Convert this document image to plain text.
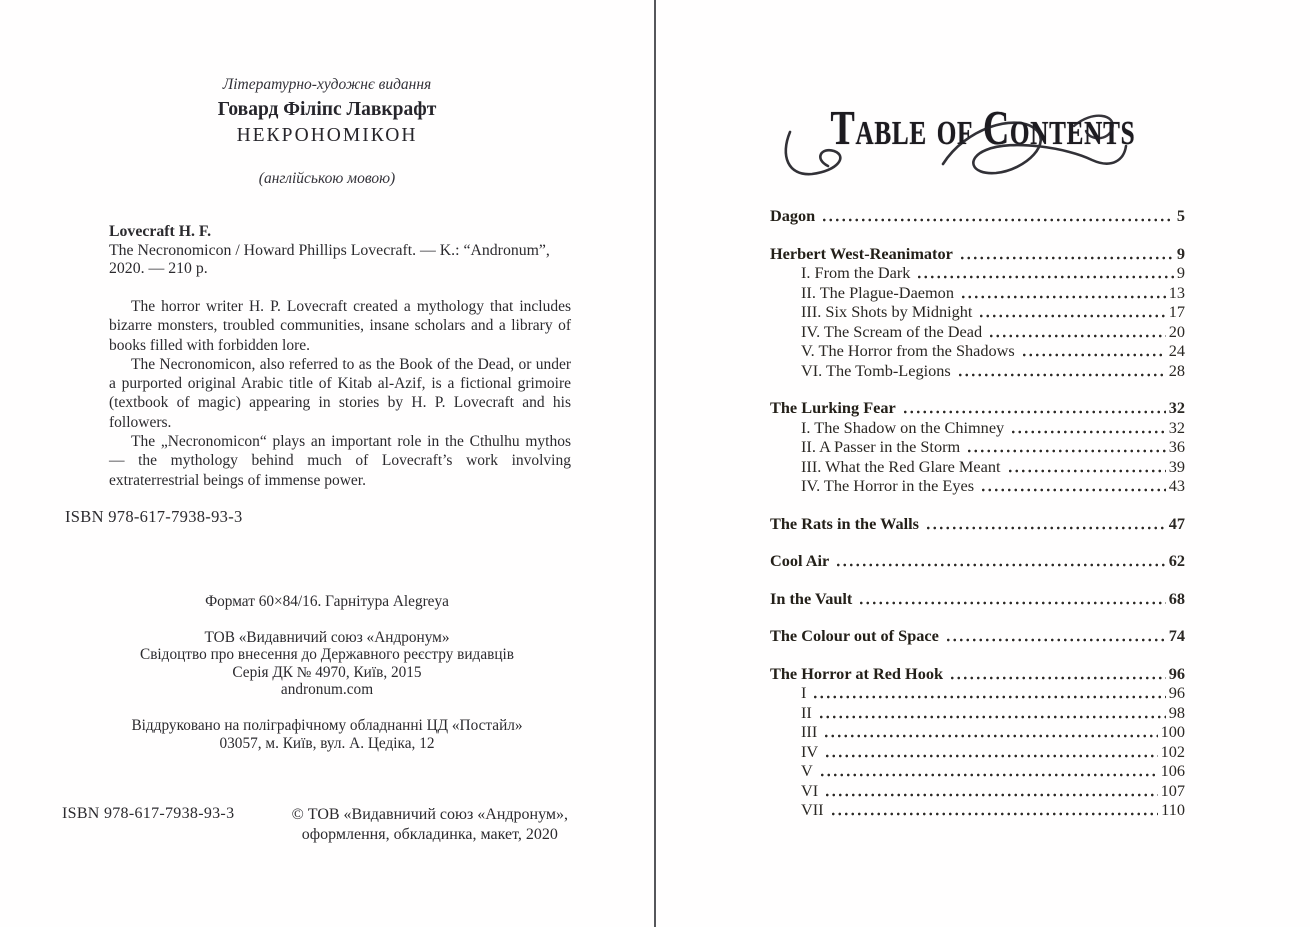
Літературно-художнє видання
Говард Філіпс Лавкрафт
НЕКРОНОМІКОН
(англійською мовою)
Lovecraft H. F.
The Necronomicon / Howard Phillips Lovecraft. — K.: “Andronum”,
2020. — 210 p.

The horror writer H. P. Lovecraft created a mythology that includes bizarre monsters, troubled communities, insane scholars and a library of books filled with forbidden lore.

The Necronomicon, also referred to as the Book of the Dead, or under a purported original Arabic title of Kitab al-Azif, is a fictional grimoire (textbook of magic) appearing in stories by H. P. Lovecraft and his followers.

The „Necronomicon“ plays an important role in the Cthulhu mythos — the mythology behind much of Lovecraft’s work involving extraterrestrial beings of immense power.

ISBN 978-617-7938-93-3
Формат 60×84/16. Гарнітура Alegreya
ТОВ «Видавничий союз «Андронум»
Свідоцтво про внесення до Державного реєстру видавців
Серія ДК № 4970, Київ, 2015
andronum.com
Віддруковано на поліграфічному обладнанні ЦД «Постайл»
03057, м. Київ, вул. А. Цедіка, 12
ISBN 978-617-7938-93-3	© ТОВ «Видавничий союз «Андронум»,
оформлення, обкладинка, макет, 2020
Table of Contents
Dagon	5
Herbert West-Reanimator	9
I. From the Dark	9
II. The Plague-Daemon	13
III. Six Shots by Midnight	17
IV. The Scream of the Dead	20
V. The Horror from the Shadows	24
VI. The Tomb-Legions	28
The Lurking Fear	32
I. The Shadow on the Chimney	32
II. A Passer in the Storm	36
III. What the Red Glare Meant	39
IV. The Horror in the Eyes	43
The Rats in the Walls	47
Cool Air	62
In the Vault	68
The Colour out of Space	74
The Horror at Red Hook	96
I	96
II	98
III	100
IV	102
V	106
VI	107
VII	110
